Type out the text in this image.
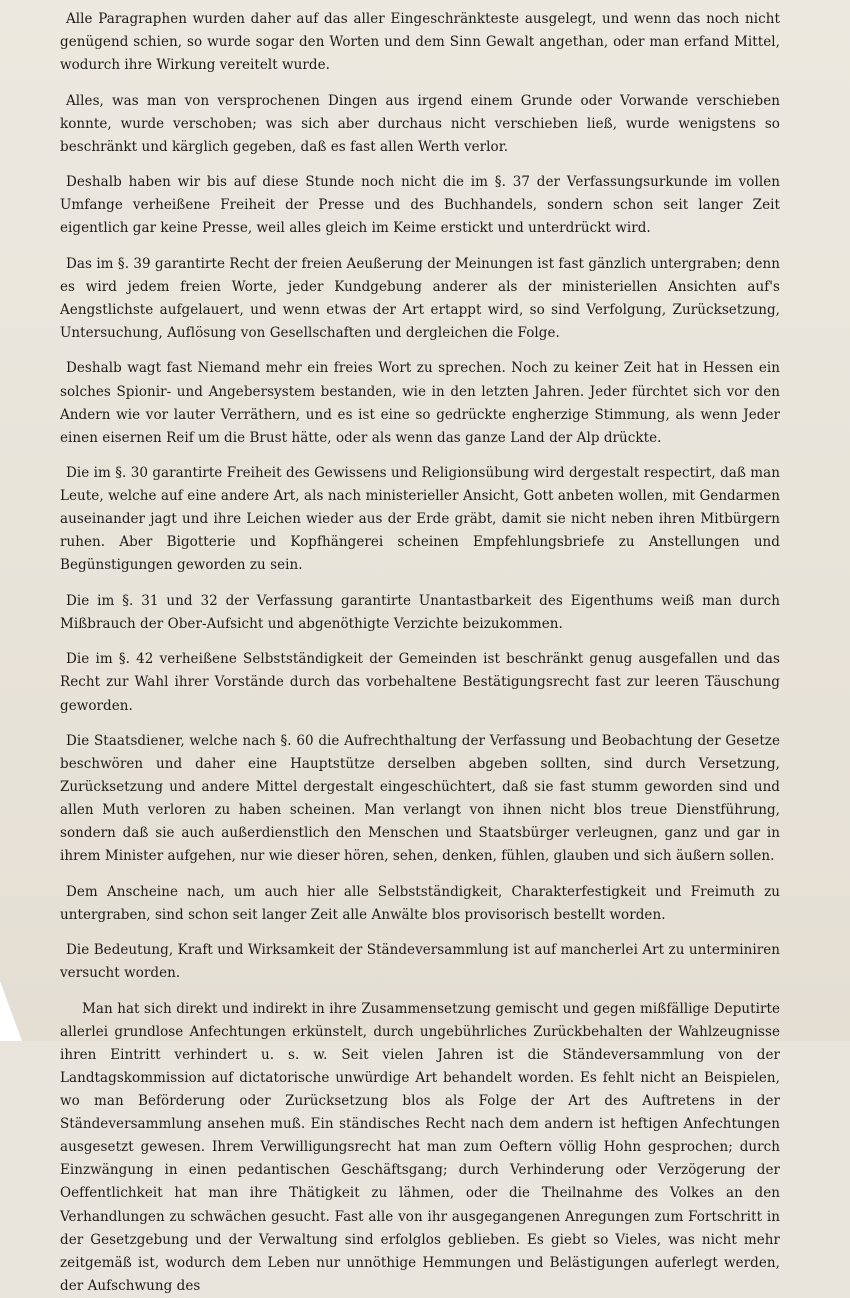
Alle Paragraphen wurden daher auf das aller Eingeschränkteste ausgelegt, und wenn das noch nicht genügend schien, so wurde sogar den Worten und dem Sinn Gewalt angethan, oder man erfand Mittel, wodurch ihre Wirkung vereitelt wurde.

Alles, was man von versprochenen Dingen aus irgend einem Grunde oder Vorwande verschieben konnte, wurde verschoben; was sich aber durchaus nicht verschieben ließ, wurde wenigstens so beschränkt und kärglich gegeben, daß es fast allen Werth verlor.

Deshalb haben wir bis auf diese Stunde noch nicht die im §. 37 der Verfassungsurkunde im vollen Umfange verheißene Freiheit der Presse und des Buchhandels, sondern schon seit langer Zeit eigentlich gar keine Presse, weil alles gleich im Keime erstickt und unterdrückt wird.

Das im §. 39 garantirte Recht der freien Aeußerung der Meinungen ist fast gänzlich untergraben; denn es wird jedem freien Worte, jeder Kundgebung anderer als der ministeriellen Ansichten auf's Aengstlichste aufgelauert, und wenn etwas der Art ertappt wird, so sind Verfolgung, Zurücksetzung, Untersuchung, Auflösung von Gesellschaften und dergleichen die Folge.

Deshalb wagt fast Niemand mehr ein freies Wort zu sprechen. Noch zu keiner Zeit hat in Hessen ein solches Spionir- und Angebersystem bestanden, wie in den letzten Jahren. Jeder fürchtet sich vor den Andern wie vor lauter Verräthern, und es ist eine so gedrückte engherzige Stimmung, als wenn Jeder einen eisernen Reif um die Brust hätte, oder als wenn das ganze Land der Alp drückte.

Die im §. 30 garantirte Freiheit des Gewissens und Religionsübung wird dergestalt respectirt, daß man Leute, welche auf eine andere Art, als nach ministerieller Ansicht, Gott anbeten wollen, mit Gendarmen auseinander jagt und ihre Leichen wieder aus der Erde gräbt, damit sie nicht neben ihren Mitbürgern ruhen. Aber Bigotterie und Kopfhängerei scheinen Empfehlungsbriefe zu Anstellungen und Begünstigungen geworden zu sein.

Die im §. 31 und 32 der Verfassung garantirte Unantastbarkeit des Eigenthums weiß man durch Mißbrauch der Ober-Aufsicht und abgenöthigte Verzichte beizukommen.

Die im §. 42 verheißene Selbstständigkeit der Gemeinden ist beschränkt genug ausgefallen und das Recht zur Wahl ihrer Vorstände durch das vorbehaltene Bestätigungsrecht fast zur leeren Täuschung geworden.

Die Staatsdiener, welche nach §. 60 die Aufrechthaltung der Verfassung und Beobachtung der Gesetze beschwören und daher eine Hauptstütze derselben abgeben sollten, sind durch Versetzung, Zurücksetzung und andere Mittel dergestalt eingeschüchtert, daß sie fast stumm geworden sind und allen Muth verloren zu haben scheinen. Man verlangt von ihnen nicht blos treue Dienstführung, sondern daß sie auch außerdienstlich den Menschen und Staatsbürger verleugnen, ganz und gar in ihrem Minister aufgehen, nur wie dieser hören, sehen, denken, fühlen, glauben und sich äußern sollen.

Dem Anscheine nach, um auch hier alle Selbstständigkeit, Charakterfestigkeit und Freimuth zu untergraben, sind schon seit langer Zeit alle Anwälte blos provisorisch bestellt worden.

Die Bedeutung, Kraft und Wirksamkeit der Ständeversammlung ist auf mancherlei Art zu unterminiren versucht worden.

Man hat sich direkt und indirekt in ihre Zusammensetzung gemischt und gegen mißfällige Deputirte allerlei grundlose Anfechtungen erkünstelt, durch ungebührliches Zurückbehalten der Wahlzeugnisse ihren Eintritt verhindert u. s. w. Seit vielen Jahren ist die Ständeversammlung von der Landtagskommission auf dictatorische unwürdige Art behandelt worden. Es fehlt nicht an Beispielen, wo man Beförderung oder Zurücksetzung blos als Folge der Art des Auftretens in der Ständeversammlung ansehen muß. Ein ständisches Recht nach dem andern ist heftigen Anfechtungen ausgesetzt gewesen. Ihrem Verwilligungsrecht hat man zum Oeftern völlig Hohn gesprochen; durch Einzwängung in einen pedantischen Geschäftsgang; durch Verhinderung oder Verzögerung der Oeffentlichkeit hat man ihre Thätigkeit zu lähmen, oder die Theilnahme des Volkes an den Verhandlungen zu schwächen gesucht. Fast alle von ihr ausgegangenen Anregungen zum Fortschritt in der Gesetzgebung und der Verwaltung sind erfolglos geblieben. Es giebt so Vieles, was nicht mehr zeitgemäß ist, wodurch dem Leben nur unnöthige Hemmungen und Belästigungen auferlegt werden, der Aufschwung des
